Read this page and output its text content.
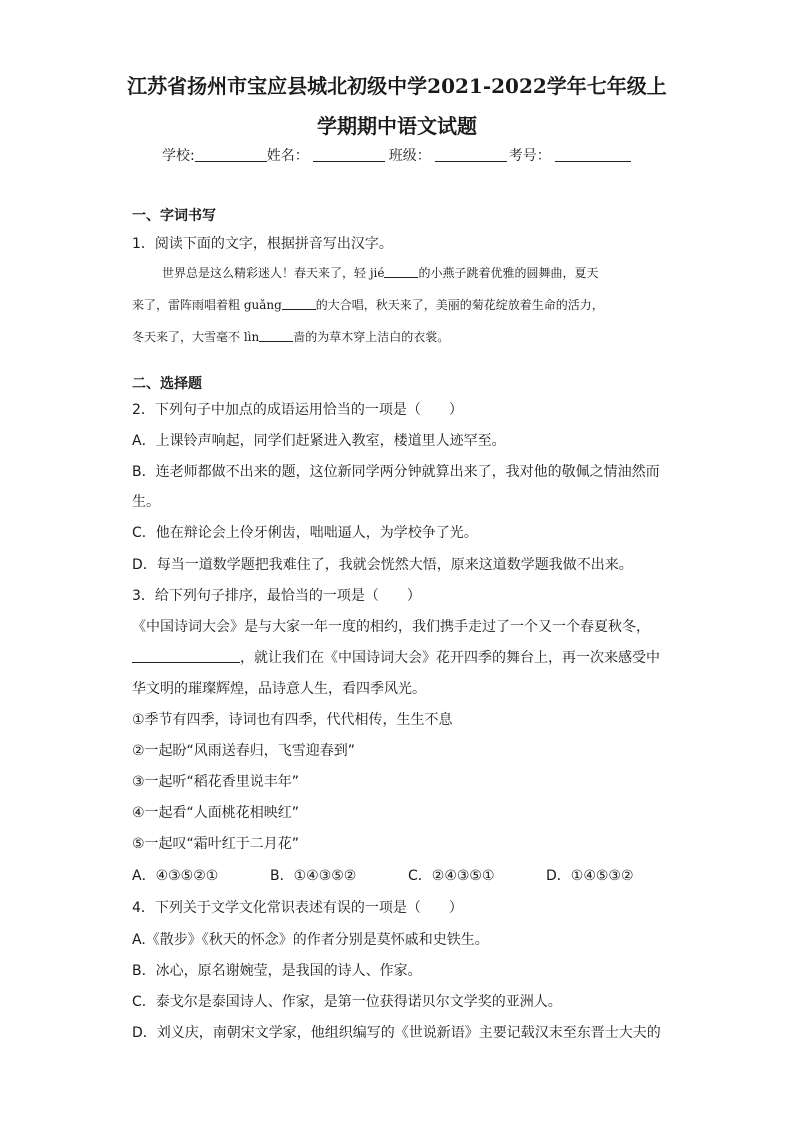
江苏省扬州市宝应县城北初级中学2021-2022学年七年级上
学期期中语文试题
学校:	姓名：	班级：	考号：
一、字词书写
1．阅读下面的文字，根据拼音写出汉字。
世界总是这么精彩迷人！春天来了，轻 jié	的小燕子跳着优雅的圆舞曲，夏天
来了，雷阵雨唱着粗 guǎng	的大合唱，秋天来了，美丽的菊花绽放着生命的活力，
冬天来了，大雪毫不 lìn	啬的为草木穿上洁白的衣裳。
二、选择题
2．下列句子中加点的成语运用恰当的一项是（　　）
A．上课铃声响起，同学们赶紧进入教室，楼道里人迹罕至。
B．连老师都做不出来的题，这位新同学两分钟就算出来了，我对他的敬佩之情油然而
生。
C．他在辩论会上伶牙俐齿，咄咄逼人，为学校争了光。
D．每当一道数学题把我难住了，我就会恍然大悟，原来这道数学题我做不出来。
3．给下列句子排序，最恰当的一项是（　　）
《中国诗词大会》是与大家一年一度的相约，我们携手走过了一个又一个春夏秋冬，
，就让我们在《中国诗词大会》花开四季的舞台上，再一次来感受中
华文明的璀璨辉煌，品诗意人生，看四季风光。
①季节有四季，诗词也有四季，代代相传，生生不息
②一起盼“风雨送春归，飞雪迎春到”
③一起听“稻花香里说丰年”
④一起看“人面桃花相映红”
⑤一起叹“霜叶红于二月花”
A．④③⑤②①	B．①④③⑤②	C．②④③⑤①	D．①④⑤③②
4．下列关于文学文化常识表述有误的一项是（　　）
A.《散步》《秋天的怀念》的作者分别是莫怀戚和史铁生。
B．冰心，原名谢婉莹，是我国的诗人、作家。
C．泰戈尔是泰国诗人、作家，是第一位获得诺贝尔文学奖的亚洲人。
D．刘义庆，南朝宋文学家，他组织编写的《世说新语》主要记载汉末至东晋士大夫的
